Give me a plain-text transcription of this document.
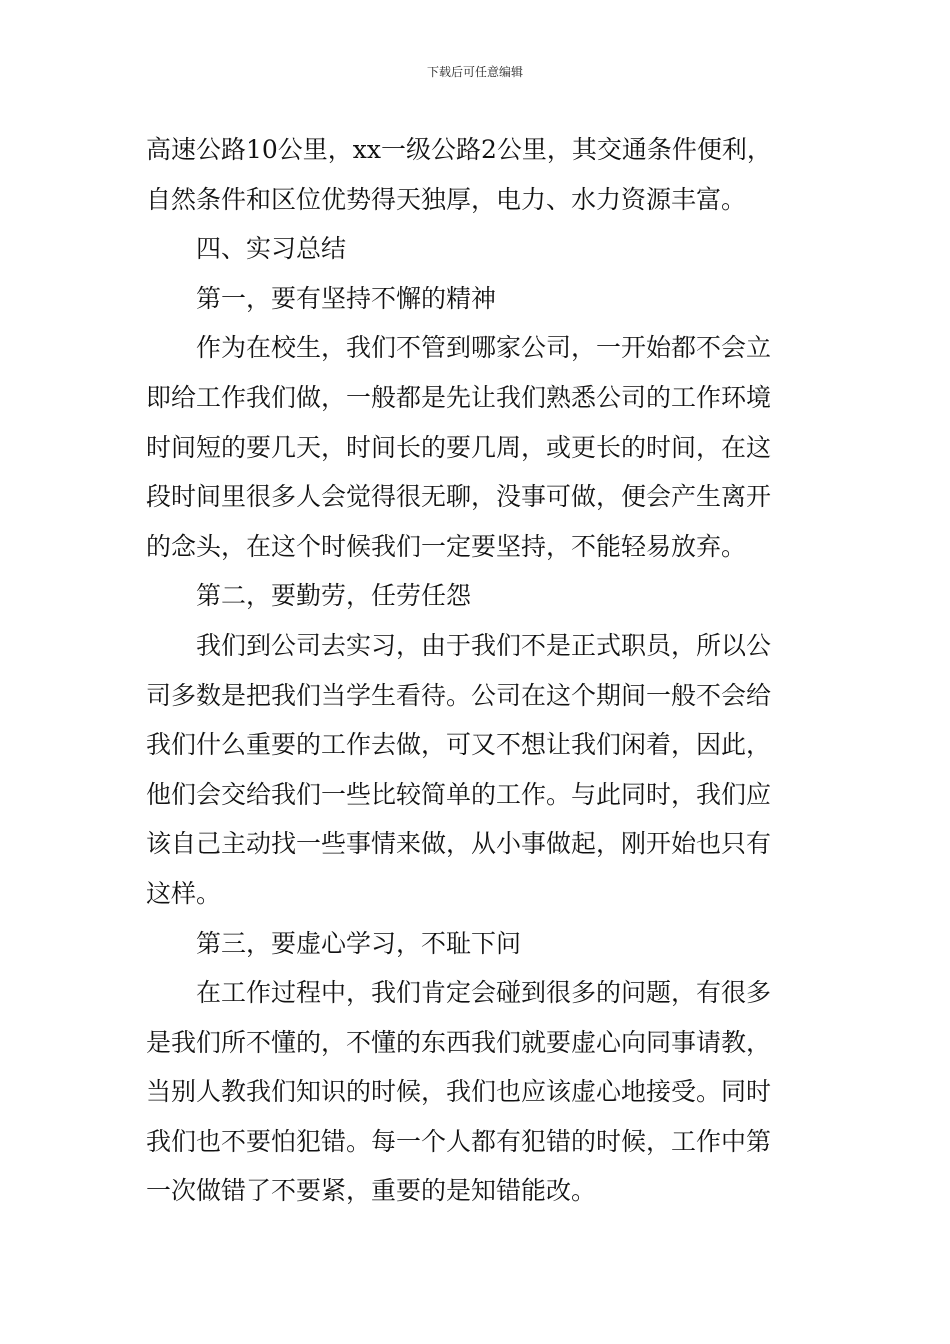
下载后可任意编辑
高速公路10公里，xx一级公路2公里，其交通条件便利，
自然条件和区位优势得天独厚，电力、水力资源丰富。
四、实习总结
第一，要有坚持不懈的精神
作为在校生，我们不管到哪家公司，一开始都不会立
即给工作我们做，一般都是先让我们熟悉公司的工作环境
时间短的要几天，时间长的要几周，或更长的时间，在这
段时间里很多人会觉得很无聊，没事可做，便会产生离开
的念头，在这个时候我们一定要坚持，不能轻易放弃。
第二，要勤劳，任劳任怨
我们到公司去实习，由于我们不是正式职员，所以公
司多数是把我们当学生看待。公司在这个期间一般不会给
我们什么重要的工作去做，可又不想让我们闲着，因此，
他们会交给我们一些比较简单的工作。与此同时，我们应
该自己主动找一些事情来做，从小事做起，刚开始也只有
这样。
第三，要虚心学习，不耻下问
在工作过程中，我们肯定会碰到很多的问题，有很多
是我们所不懂的，不懂的东西我们就要虚心向同事请教，
当别人教我们知识的时候，我们也应该虚心地接受。同时
我们也不要怕犯错。每一个人都有犯错的时候，工作中第
一次做错了不要紧，重要的是知错能改。
